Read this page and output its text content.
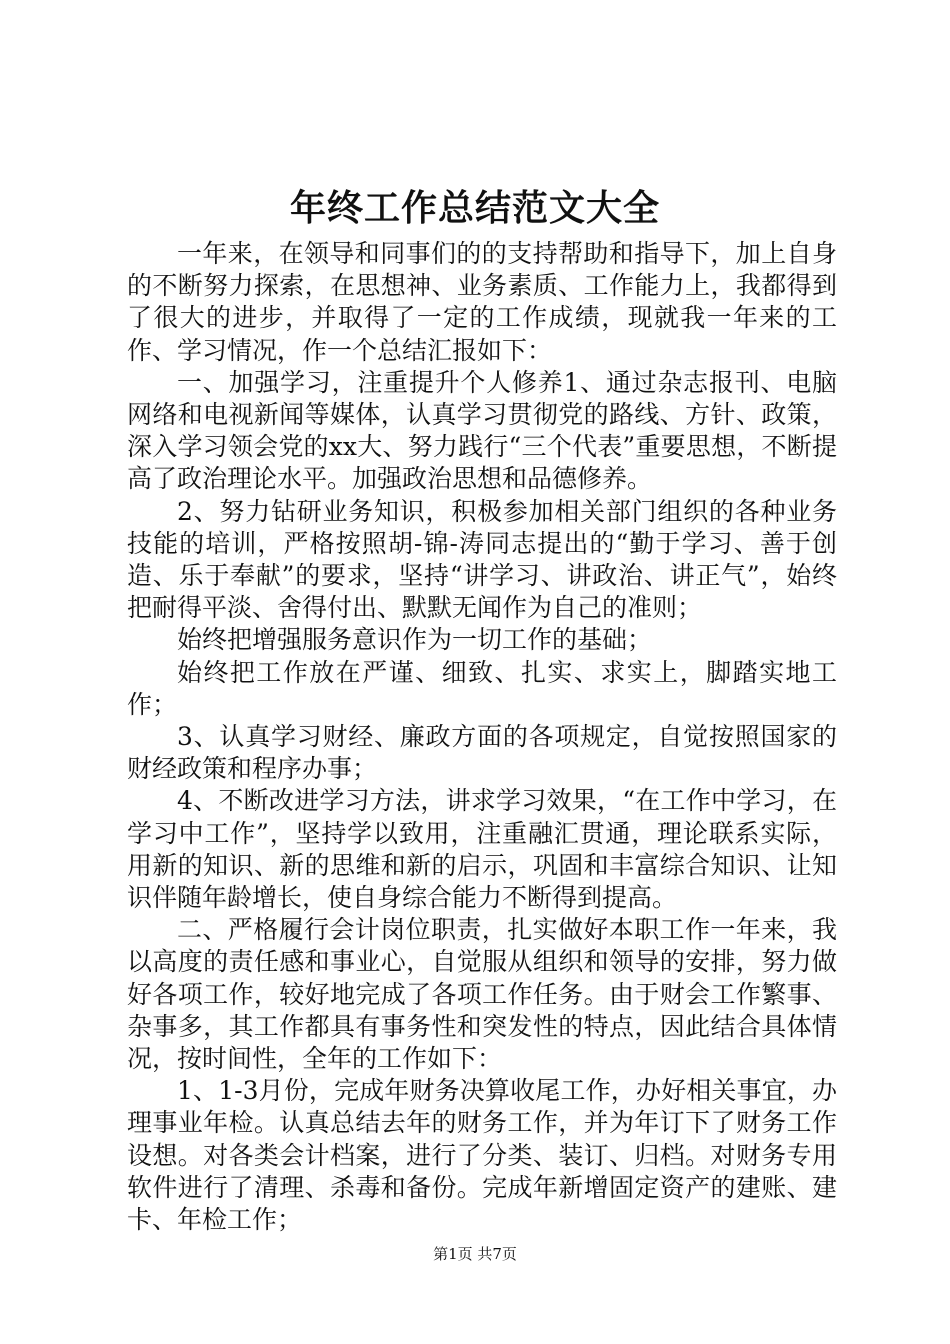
年终工作总结范文大全

一年来，在领导和同事们的的支持帮助和指导下，加上自身的不断努力探索，在思想神、业务素质、工作能力上，我都得到了很大的进步，并取得了一定的工作成绩，现就我一年来的工作、学习情况，作一个总结汇报如下：

一、加强学习，注重提升个人修养1、通过杂志报刊、电脑网络和电视新闻等媒体，认真学习贯彻党的路线、方针、政策，深入学习领会党的xx大、努力践行“三个代表”重要思想，不断提高了政治理论水平。加强政治思想和品德修养。

2、努力钻研业务知识，积极参加相关部门组织的各种业务技能的培训，严格按照胡-锦-涛同志提出的“勤于学习、善于创造、乐于奉献”的要求，坚持“讲学习、讲政治、讲正气”，始终把耐得平淡、舍得付出、默默无闻作为自己的准则；

始终把增强服务意识作为一切工作的基础；

始终把工作放在严谨、细致、扎实、求实上，脚踏实地工作；

3、认真学习财经、廉政方面的各项规定，自觉按照国家的财经政策和程序办事；

4、不断改进学习方法，讲求学习效果，“在工作中学习，在学习中工作”，坚持学以致用，注重融汇贯通，理论联系实际，用新的知识、新的思维和新的启示，巩固和丰富综合知识、让知识伴随年龄增长，使自身综合能力不断得到提高。

二、严格履行会计岗位职责，扎实做好本职工作一年来，我以高度的责任感和事业心，自觉服从组织和领导的安排，努力做好各项工作，较好地完成了各项工作任务。由于财会工作繁事、杂事多，其工作都具有事务性和突发性的特点，因此结合具体情况，按时间性，全年的工作如下：

1、1-3月份，完成年财务决算收尾工作，办好相关事宜，办理事业年检。认真总结去年的财务工作，并为年订下了财务工作设想。对各类会计档案，进行了分类、装订、归档。对财务专用软件进行了清理、杀毒和备份。完成年新增固定资产的建账、建卡、年检工作；

第1页 共7页
